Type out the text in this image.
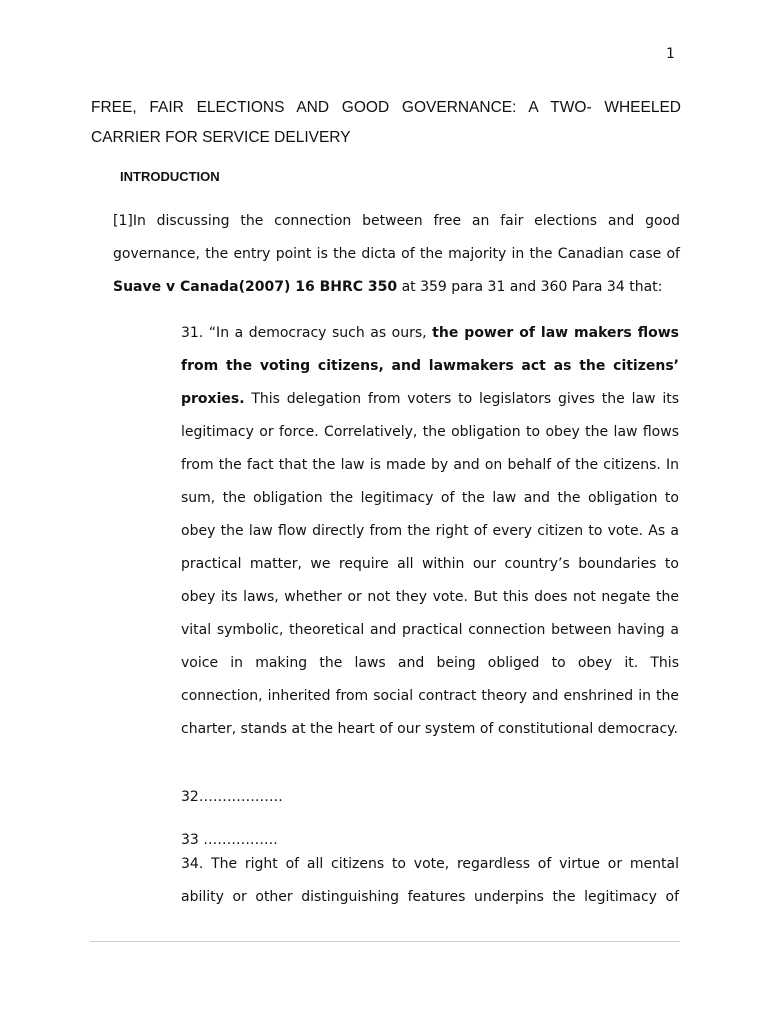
1
FREE, FAIR ELECTIONS AND GOOD GOVERNANCE: A TWO- WHEELED CARRIER FOR SERVICE DELIVERY
INTRODUCTION
[1]In discussing the connection between free an fair elections and good governance, the entry point is the dicta of the majority in the Canadian case of Suave v Canada(2007) 16 BHRC 350 at 359 para 31 and 360 Para 34 that:
31. “In a democracy such as ours, the power of law makers flows from the voting citizens, and lawmakers act as the citizens’ proxies. This delegation from voters to legislators gives the law its legitimacy or force. Correlatively, the obligation to obey the law flows from the fact that the law is made by and on behalf of the citizens. In sum, the obligation the legitimacy of the law and the obligation to obey the law flow directly from the right of every citizen to vote. As a practical matter, we require all within our country’s boundaries to obey its laws, whether or not they vote. But this does not negate the vital symbolic, theoretical and practical connection between having a voice in making the laws and being obliged to obey it. This connection, inherited from social contract theory and enshrined in the charter, stands at the heart of our system of constitutional democracy.
32………………
33 …………….
34. The right of all citizens to vote, regardless of virtue or mental ability or other distinguishing features underpins the legitimacy of
